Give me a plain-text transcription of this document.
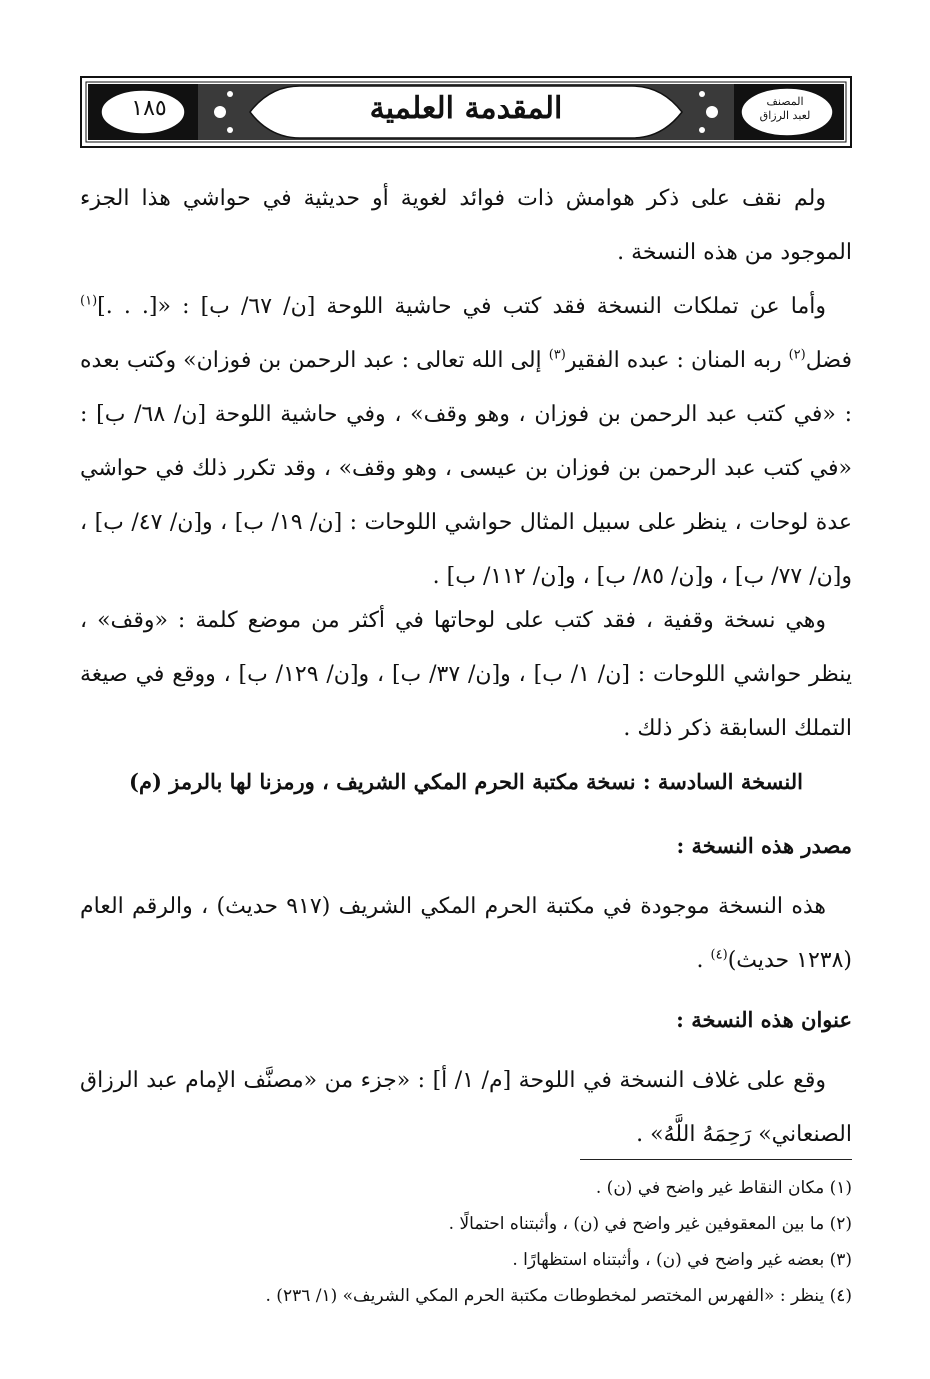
المقدمة العلمية
١٨٥	المصنف
لعبد الرزاق

ولم نقف على ذكر هوامش ذات فوائد لغوية أو حديثية في حواشي هذا الجزء الموجود من هذه النسخة .

وأما عن تملكات النسخة فقد كتب في حاشية اللوحة [ن/ ٦٧/ ب] : «[. . .]$^{(١)}$ فضل$^{(٢)}$ ربه المنان : عبده الفقير$^{(٣)}$ إلى الله تعالى : عبد الرحمن بن فوزان» وكتب بعده : «في كتب عبد الرحمن بن فوزان ، وهو وقف» ، وفي حاشية اللوحة [ن/ ٦٨/ ب] : «في كتب عبد الرحمن بن فوزان بن عيسى ، وهو وقف» ، وقد تكرر ذلك في حواشي عدة لوحات ، ينظر على سبيل المثال حواشي اللوحات : [ن/ ١٩/ ب] ، و[ن/ ٤٧/ ب] ، و[ن/ ٧٧/ ب] ، و[ن/ ٨٥/ ب] ، و[ن/ ١١٢/ ب] .

وهي نسخة وقفية ، فقد كتب على لوحاتها في أكثر من موضع كلمة : «وقف» ، ينظر حواشي اللوحات : [ن/ ١/ ب] ، و[ن/ ٣٧/ ب] ، و[ن/ ١٢٩/ ب] ، ووقع في صيغة التملك السابقة ذكر ذلك .

النسخة السادسة : نسخة مكتبة الحرم المكي الشريف ، ورمزنا لها بالرمز (م)

مصدر هذه النسخة :

هذه النسخة موجودة في مكتبة الحرم المكي الشريف (٩١٧ حديث) ، والرقم العام (١٢٣٨ حديث)$^{(٤)}$ .

عنوان هذه النسخة :

وقع على غلاف النسخة في اللوحة [م/ ١/ أ] : «جزء من «مصنَّف الإمام عبد الرزاق الصنعاني» رَحِمَهُ اللَّهُ» .

(١) مكان النقاط غير واضح في (ن) .
(٢) ما بين المعقوفين غير واضح في (ن) ، وأثبتناه احتمالًا .
(٣) بعضه غير واضح في (ن) ، وأثبتناه استظهارًا .
(٤) ينظر : «الفهرس المختصر لمخطوطات مكتبة الحرم المكي الشريف» (١/ ٢٣٦) .
